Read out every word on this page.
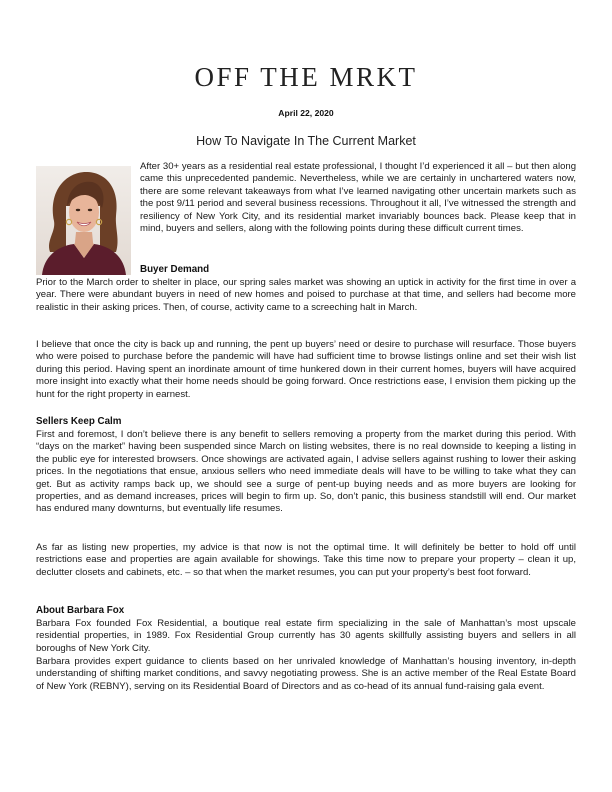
OFF THE MRKT
April 22, 2020
How To Navigate In The Current Market

After 30+ years as a residential real estate professional, I thought I’d experienced it all – but then along came this unprecedented pandemic. Nevertheless, while we are certainly in unchartered waters now, there are some relevant takeaways from what I’ve learned navigating other uncertain markets such as the post 9/11 period and several business recessions. Throughout it all, I’ve witnessed the strength and resiliency of New York City, and its residential market invariably bounces back. Please keep that in mind, buyers and sellers, along with the following points during these difficult current times.

Buyer Demand

Prior to the March order to shelter in place, our spring sales market was showing an uptick in activity for the first time in over a year. There were abundant buyers in need of new homes and poised to purchase at that time, and sellers had become more realistic in their asking prices. Then, of course, activity came to a screeching halt in March.

I believe that once the city is back up and running, the pent up buyers’ need or desire to purchase will resurface. Those buyers who were poised to purchase before the pandemic will have had sufficient time to browse listings online and set their wish list during this period. Having spent an inordinate amount of time hunkered down in their current homes, buyers will have acquired more insight into exactly what their home needs should be going forward. Once restrictions ease, I envision them picking up the hunt for the right property in earnest.

Sellers Keep Calm

First and foremost, I don’t believe there is any benefit to sellers removing a property from the market during this period. With “days on the market” having been suspended since March on listing websites, there is no real downside to keeping a listing in the public eye for interested browsers. Once showings are activated again, I advise sellers against rushing to lower their asking prices. In the negotiations that ensue, anxious sellers who need immediate deals will have to be willing to take what they can get. But as activity ramps back up, we should see a surge of pent-up buying needs and as more buyers are looking for properties, and as demand increases, prices will begin to firm up. So, don’t panic, this business standstill will end. Our market has endured many downturns, but eventually life resumes.

As far as listing new properties, my advice is that now is not the optimal time. It will definitely be better to hold off until restrictions ease and properties are again available for showings. Take this time now to prepare your property – clean it up, declutter closets and cabinets, etc. – so that when the market resumes, you can put your property’s best foot forward.

About Barbara Fox

Barbara Fox founded Fox Residential, a boutique real estate firm specializing in the sale of Manhattan’s most upscale residential properties, in 1989. Fox Residential Group currently has 30 agents skillfully assisting buyers and sellers in all boroughs of New York City.

Barbara provides expert guidance to clients based on her unrivaled knowledge of Manhattan’s housing inventory, in-depth understanding of shifting market conditions, and savvy negotiating prowess. She is an active member of the Real Estate Board of New York (REBNY), serving on its Residential Board of Directors and as co-head of its annual fund-raising gala event.
